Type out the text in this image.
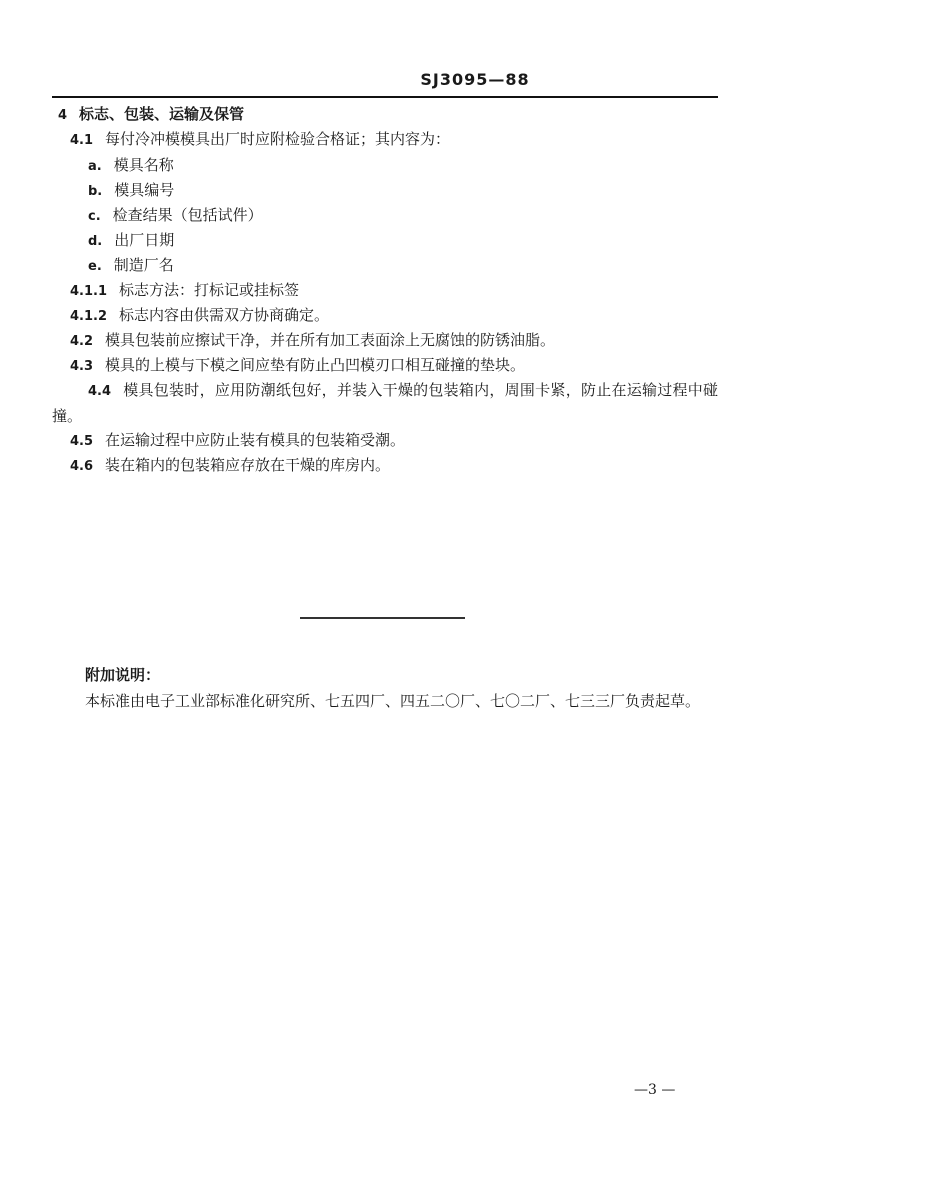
SJ3095—88
4 标志、包装、运输及保管
4.1 每付冷冲模模具出厂时应附检验合格证；其内容为：
a. 模具名称
b. 模具编号
c. 检查结果（包括试件）
d. 出厂日期
e. 制造厂名
4.1.1 标志方法：打标记或挂标签
4.1.2 标志内容由供需双方协商确定。
4.2 模具包装前应擦试干净，并在所有加工表面涂上无腐蚀的防锈油脂。
4.3 模具的上模与下模之间应垫有防止凸凹模刃口相互碰撞的垫块。
4.4 模具包装时，应用防潮纸包好，并装入干燥的包装箱内，周围卡紧，防止在运输过程中碰撞。
4.5 在运输过程中应防止装有模具的包装箱受潮。
4.6 装在箱内的包装箱应存放在干燥的库房内。
附加说明：
本标准由电子工业部标准化研究所、七五四厂、四五二〇厂、七〇二厂、七三三厂负责起草。
—3 —
